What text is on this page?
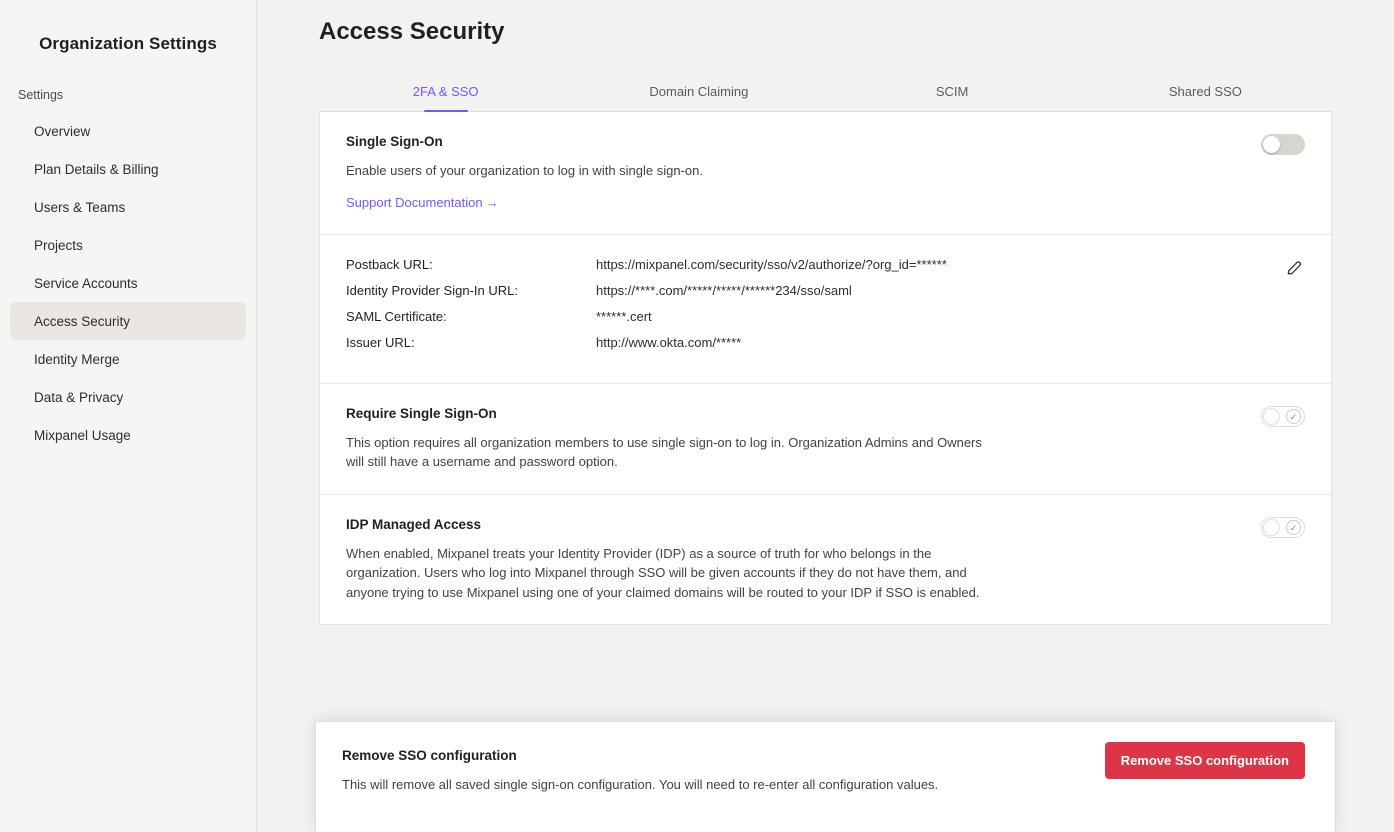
Organization Settings
Settings
Overview
Plan Details & Billing
Users & Teams
Projects
Service Accounts
Access Security
Identity Merge
Data & Privacy
Mixpanel Usage
Access Security
2FA & SSO	Domain Claiming	SCIM	Shared SSO
Single Sign-On
Enable users of your organization to log in with single sign-on.
Support Documentation →
Postback URL:	https://mixpanel.com/security/sso/v2/authorize/?org_id=******
Identity Provider Sign-In URL:	https://****.com/*****/*****/******234/sso/saml
SAML Certificate:	******.cert
Issuer URL:	http://www.okta.com/*****
Require Single Sign-On
This option requires all organization members to use single sign-on to log in. Organization Admins and Owners will still have a username and password option.
✓
IDP Managed Access
When enabled, Mixpanel treats your Identity Provider (IDP) as a source of truth for who belongs in the organization. Users who log into Mixpanel through SSO will be given accounts if they do not have them, and anyone trying to use Mixpanel using one of your claimed domains will be routed to your IDP if SSO is enabled.
✓
Remove SSO configuration
This will remove all saved single sign-on configuration. You will need to re-enter all configuration values.
Remove SSO configuration
